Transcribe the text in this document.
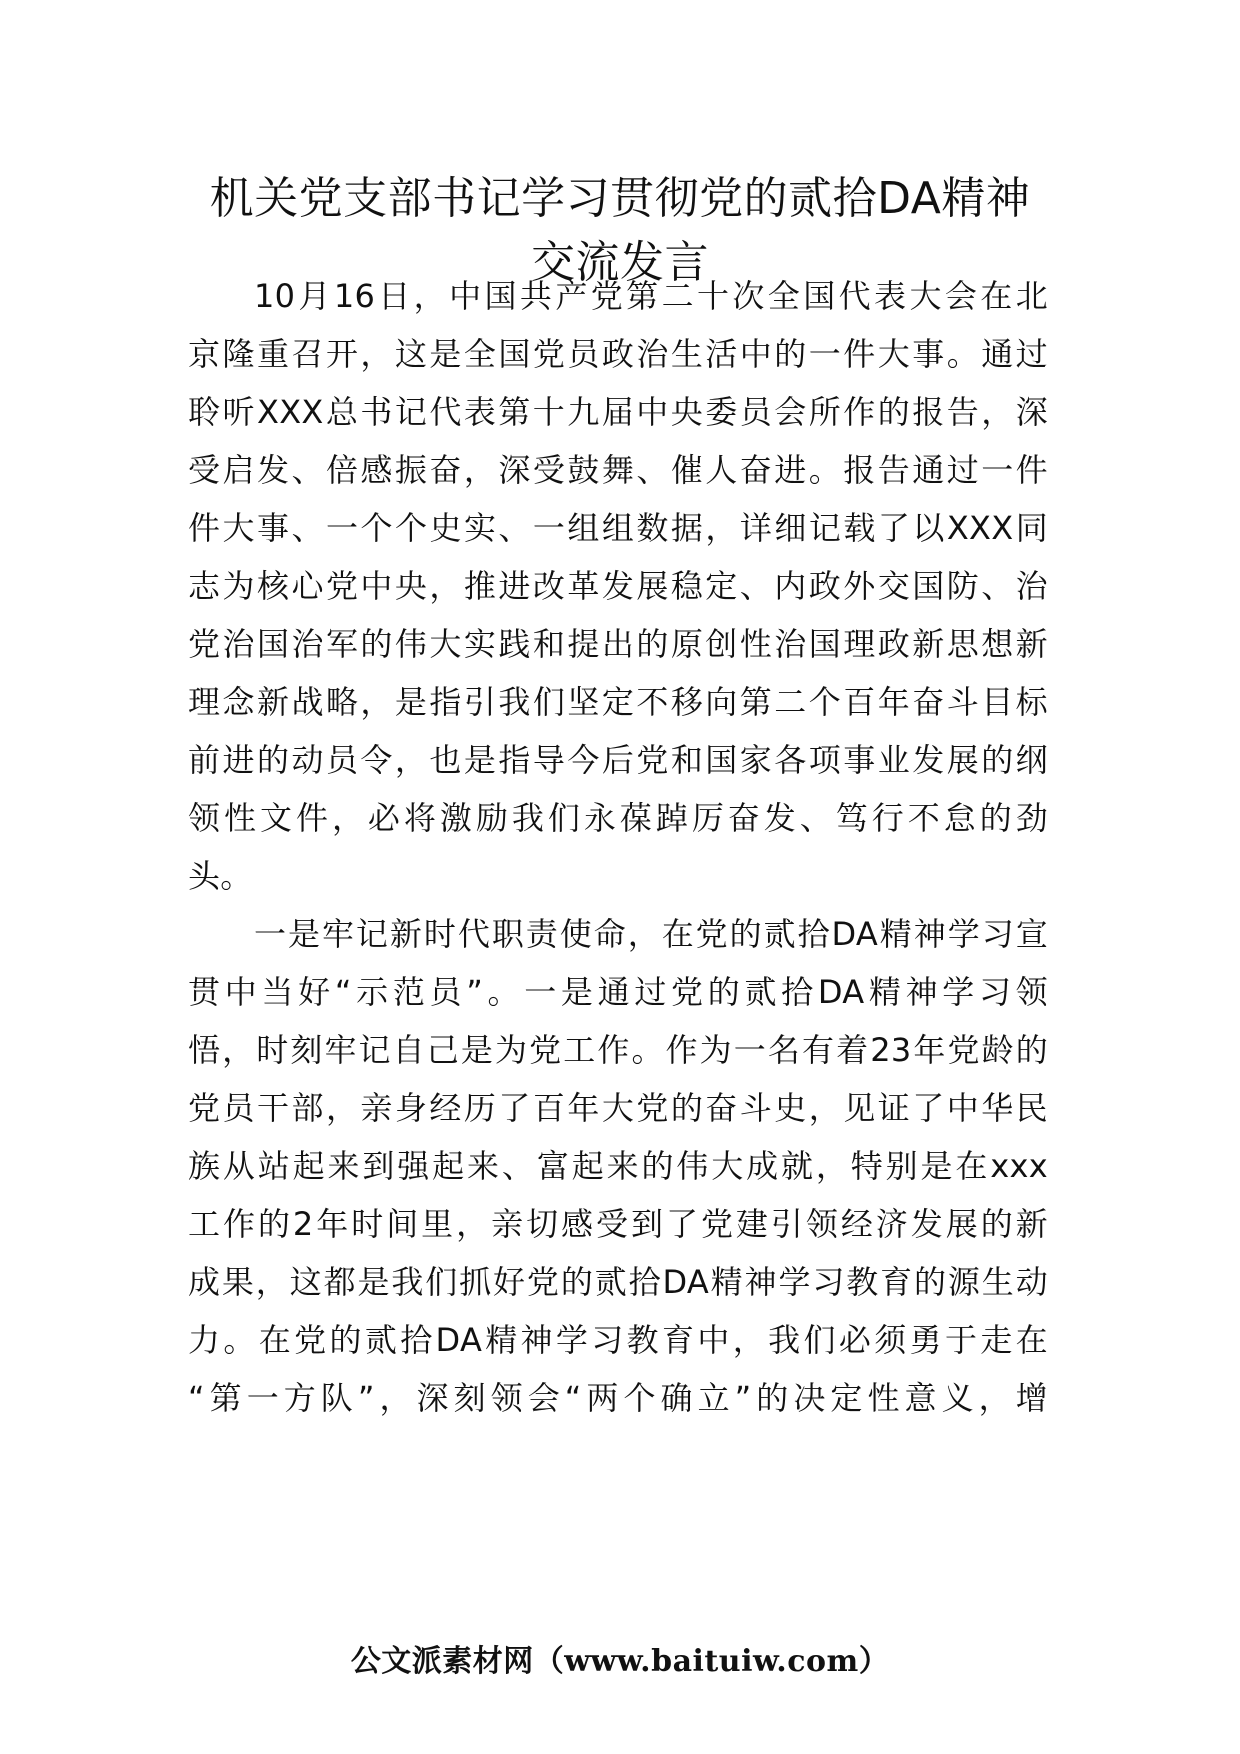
机关党支部书记学习贯彻党的贰拾DA精神
交流发言
10月16日，中国共产党第二十次全国代表大会在北
京隆重召开，这是全国党员政治生活中的一件大事。通过
聆听XXX总书记代表第十九届中央委员会所作的报告，深
受启发、倍感振奋，深受鼓舞、催人奋进。报告通过一件
件大事、一个个史实、一组组数据，详细记载了以XXX同
志为核心党中央，推进改革发展稳定、内政外交国防、治
党治国治军的伟大实践和提出的原创性治国理政新思想新
理念新战略，是指引我们坚定不移向第二个百年奋斗目标
前进的动员令，也是指导今后党和国家各项事业发展的纲
领性文件，必将激励我们永葆踔厉奋发、笃行不怠的劲
头。
一是牢记新时代职责使命，在党的贰拾DA精神学习宣
贯中当好“示范员”。一是通过党的贰拾DA精神学习领
悟，时刻牢记自己是为党工作。作为一名有着23年党龄的
党员干部，亲身经历了百年大党的奋斗史，见证了中华民
族从站起来到强起来、富起来的伟大成就，特别是在xxx
工作的2年时间里，亲切感受到了党建引领经济发展的新
成果，这都是我们抓好党的贰拾DA精神学习教育的源生动
力。在党的贰拾DA精神学习教育中，我们必须勇于走在
“第一方队”，深刻领会“两个确立”的决定性意义，增
公文派素材网（www.baituiw.com）
